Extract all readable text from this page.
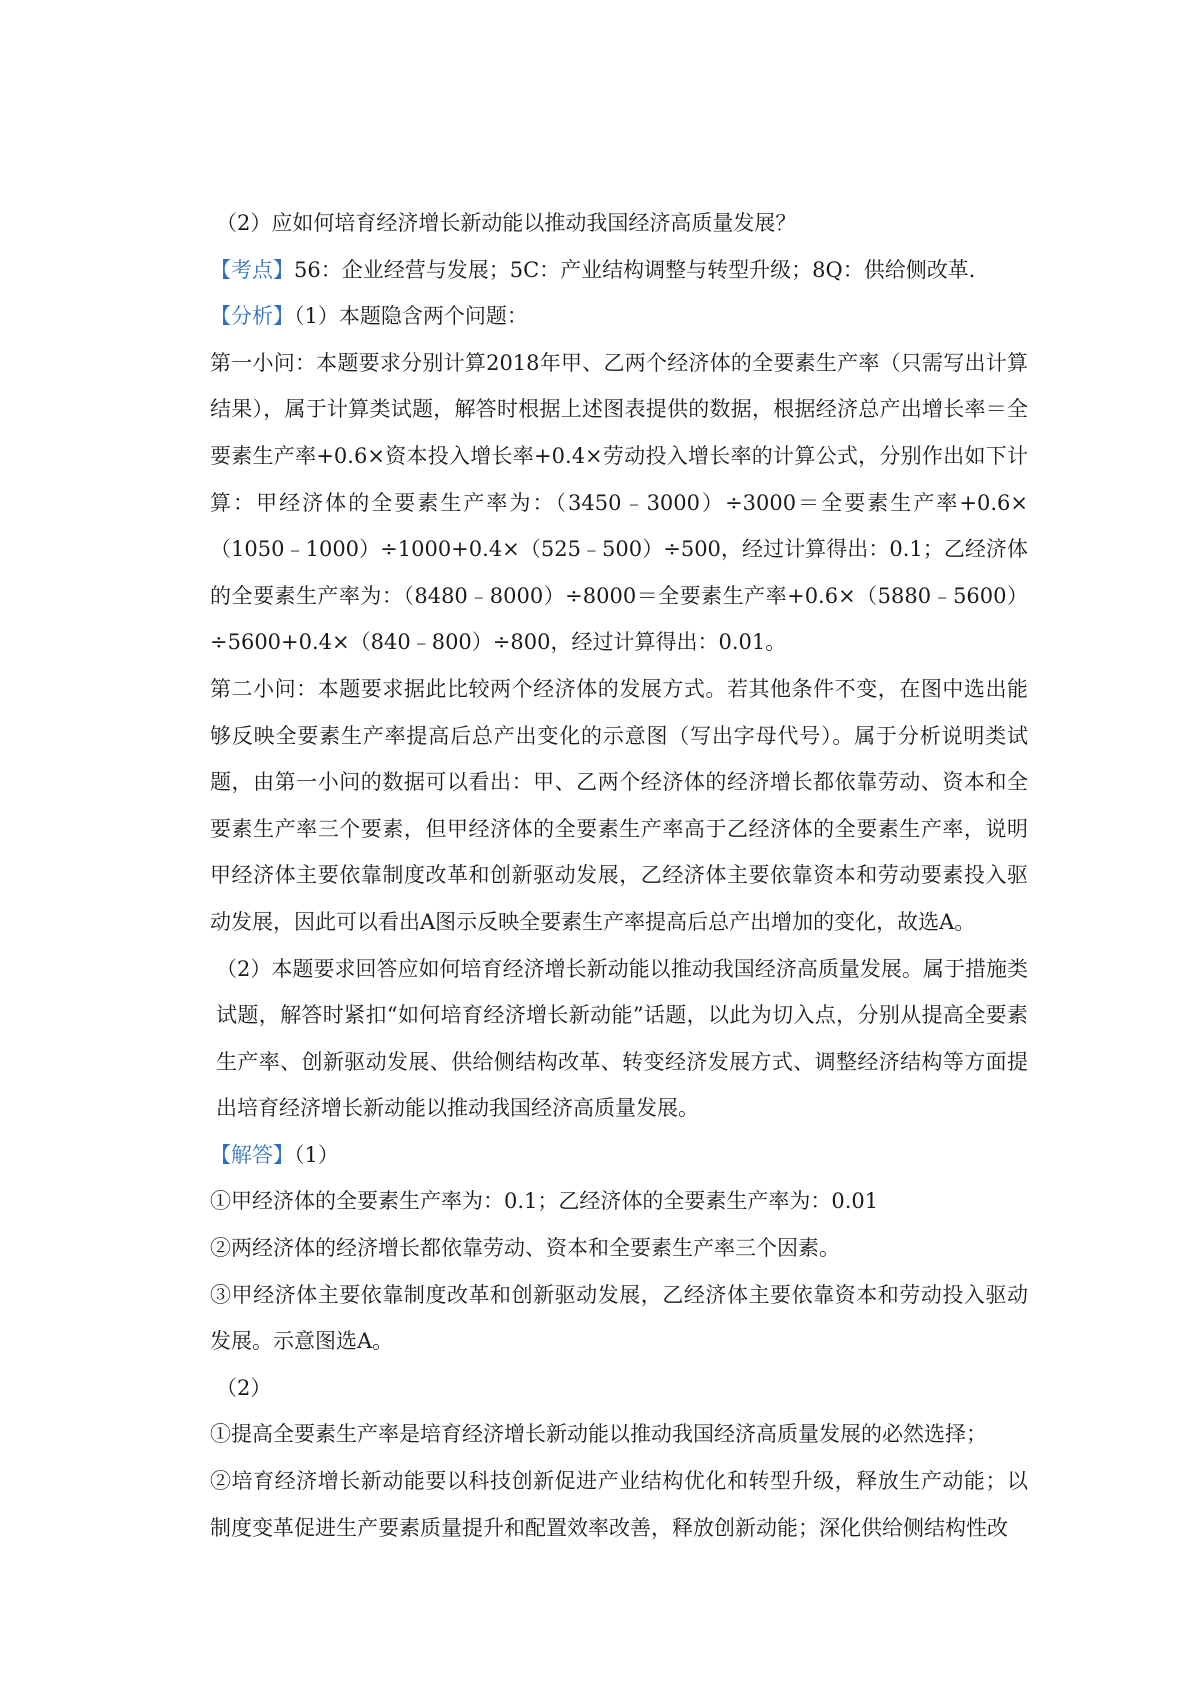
（2）应如何培育经济增长新动能以推动我国经济高质量发展？

【考点】56：企业经营与发展；5C：产业结构调整与转型升级；8Q：供给侧改革．

【分析】（1）本题隐含两个问题：

第一小问：本题要求分别计算2018年甲、乙两个经济体的全要素生产率（只需写出计算结果），属于计算类试题，解答时根据上述图表提供的数据，根据经济总产出增长率＝全要素生产率+0.6×资本投入增长率+0.4×劳动投入增长率的计算公式，分别作出如下计算：甲经济体的全要素生产率为：（3450﹣3000）÷3000＝全要素生产率+0.6×（1050﹣1000）÷1000+0.4×（525﹣500）÷500，经过计算得出：0.1；乙经济体的全要素生产率为：（8480﹣8000）÷8000＝全要素生产率+0.6×（5880﹣5600）÷5600+0.4×（840﹣800）÷800，经过计算得出：0.01。

第二小问：本题要求据此比较两个经济体的发展方式。若其他条件不变，在图中选出能够反映全要素生产率提高后总产出变化的示意图（写出字母代号）。属于分析说明类试题，由第一小问的数据可以看出：甲、乙两个经济体的经济增长都依靠劳动、资本和全要素生产率三个要素，但甲经济体的全要素生产率高于乙经济体的全要素生产率，说明甲经济体主要依靠制度改革和创新驱动发展，乙经济体主要依靠资本和劳动要素投入驱动发展，因此可以看出A图示反映全要素生产率提高后总产出增加的变化，故选A。

（2）本题要求回答应如何培育经济增长新动能以推动我国经济高质量发展。属于措施类试题，解答时紧扣“如何培育经济增长新动能”话题，以此为切入点，分别从提高全要素生产率、创新驱动发展、供给侧结构改革、转变经济发展方式、调整经济结构等方面提出培育经济增长新动能以推动我国经济高质量发展。

【解答】（1）

①甲经济体的全要素生产率为：0.1；乙经济体的全要素生产率为：0.01

②两经济体的经济增长都依靠劳动、资本和全要素生产率三个因素。

③甲经济体主要依靠制度改革和创新驱动发展，乙经济体主要依靠资本和劳动投入驱动发展。示意图选A。

（2）

①提高全要素生产率是培育经济增长新动能以推动我国经济高质量发展的必然选择；

②培育经济增长新动能要以科技创新促进产业结构优化和转型升级，释放生产动能；以制度变革促进生产要素质量提升和配置效率改善，释放创新动能；深化供给侧结构性改
